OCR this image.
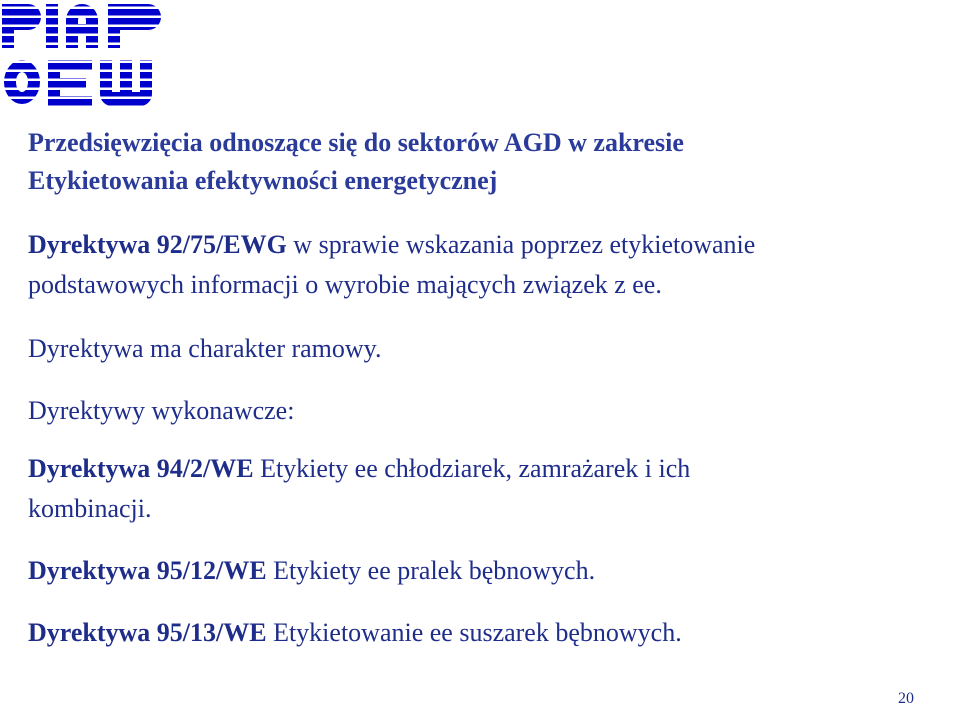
Przedsięwzięcia odnoszące się do sektorów AGD w zakresie
Etykietowania efektywności energetycznej

Dyrektywa 92/75/EWG w sprawie wskazania poprzez etykietowanie
podstawowych informacji o wyrobie mających związek z ee.

Dyrektywa ma charakter ramowy.

Dyrektywy wykonawcze:

Dyrektywa 94/2/WE Etykiety ee chłodziarek, zamrażarek i ich
kombinacji.

Dyrektywa 95/12/WE Etykiety ee pralek bębnowych.

Dyrektywa 95/13/WE Etykietowanie ee suszarek bębnowych.

20
